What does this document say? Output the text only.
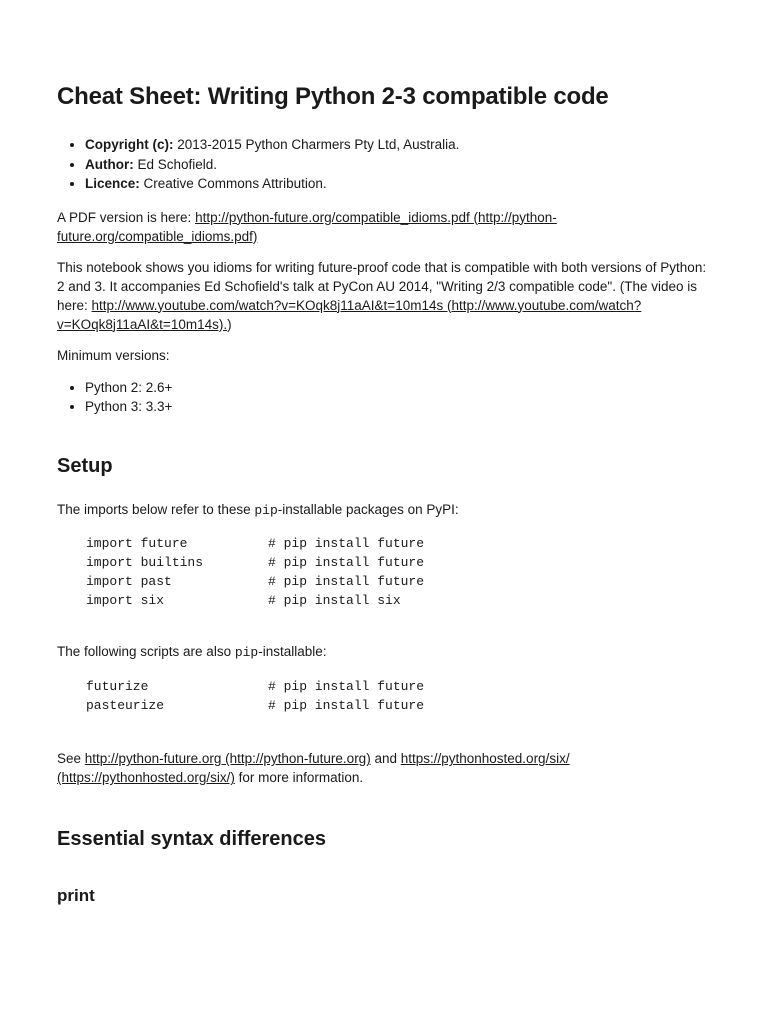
Cheat Sheet: Writing Python 2-3 compatible code
• Copyright (c): 2013-2015 Python Charmers Pty Ltd, Australia.
• Author: Ed Schofield.
• Licence: Creative Commons Attribution.

A PDF version is here: http://python-future.org/compatible_idioms.pdf (http://python-future.org/compatible_idioms.pdf)

This notebook shows you idioms for writing future-proof code that is compatible with both versions of Python: 2 and 3. It accompanies Ed Schofield's talk at PyCon AU 2014, "Writing 2/3 compatible code". (The video is here: http://www.youtube.com/watch?v=KOqk8j11aAI&t=10m14s (http://www.youtube.com/watch?v=KOqk8j11aAI&t=10m14s).)

Minimum versions:

• Python 2: 2.6+
• Python 3: 3.3+
Setup

The imports below refer to these pip-installable packages on PyPI:

import future	# pip install future
import builtins	# pip install future
import past	# pip install future
import six	# pip install six

The following scripts are also pip-installable:

futurize	# pip install future
pasteurize	# pip install future

See http://python-future.org (http://python-future.org) and https://pythonhosted.org/six/ (https://pythonhosted.org/six/) for more information.

Essential syntax differences
print
